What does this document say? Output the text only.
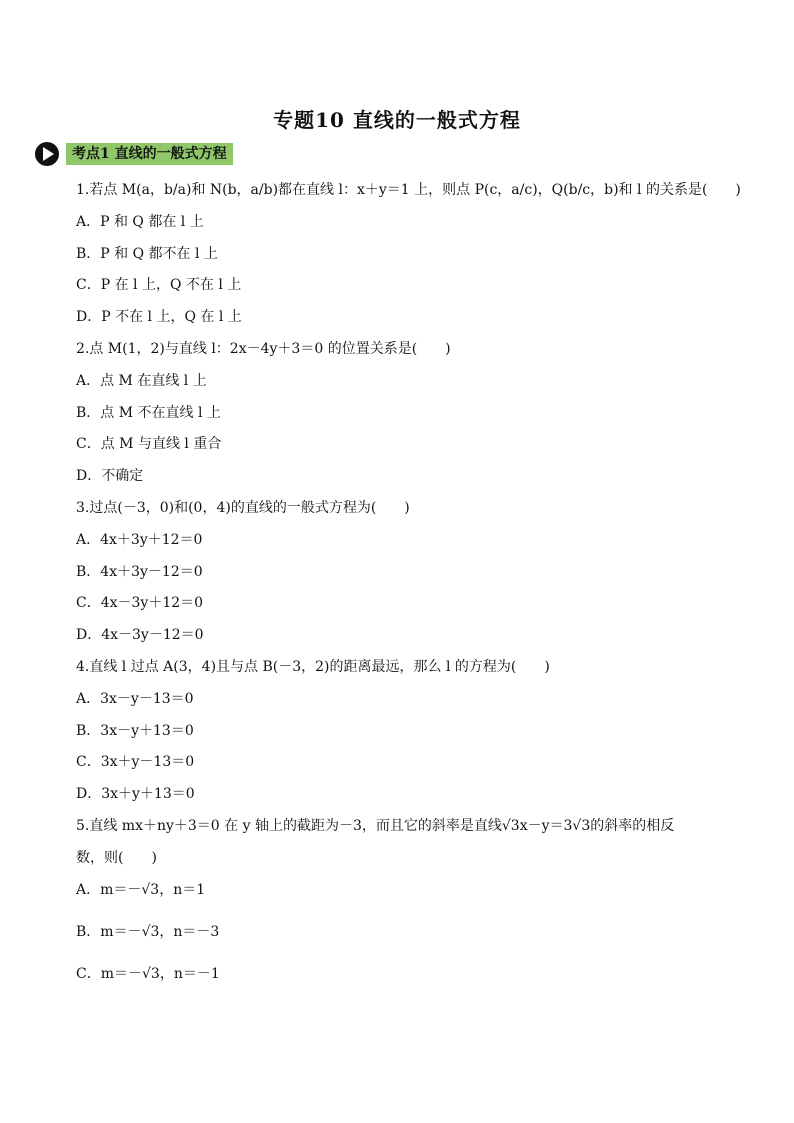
专题10 直线的一般式方程
考点1 直线的一般式方程
1.若点 M(a，b/a)和 N(b，a/b)都在直线 l：x＋y＝1 上，则点 P(c，a/c)，Q(b/c，b)和 l 的关系是(　　)
A．P 和 Q 都在 l 上
B．P 和 Q 都不在 l 上
C．P 在 l 上，Q 不在 l 上
D．P 不在 l 上，Q 在 l 上
2.点 M(1，2)与直线 l：2x－4y＋3＝0 的位置关系是(　　)
A．点 M 在直线 l 上
B．点 M 不在直线 l 上
C．点 M 与直线 l 重合
D．不确定
3.过点(－3，0)和(0，4)的直线的一般式方程为(　　)
A．4x＋3y＋12＝0
B．4x＋3y－12＝0
C．4x－3y＋12＝0
D．4x－3y－12＝0
4.直线 l 过点 A(3，4)且与点 B(－3，2)的距离最远，那么 l 的方程为(　　)
A．3x－y－13＝0
B．3x－y＋13＝0
C．3x＋y－13＝0
D．3x＋y＋13＝0
5.直线 mx＋ny＋3＝0 在 y 轴上的截距为－3，而且它的斜率是直线√3x－y＝3√3的斜率的相反
数，则(　　)
A．m＝－√3，n＝1
B．m＝－√3，n＝－3
C．m＝－√3，n＝－1
